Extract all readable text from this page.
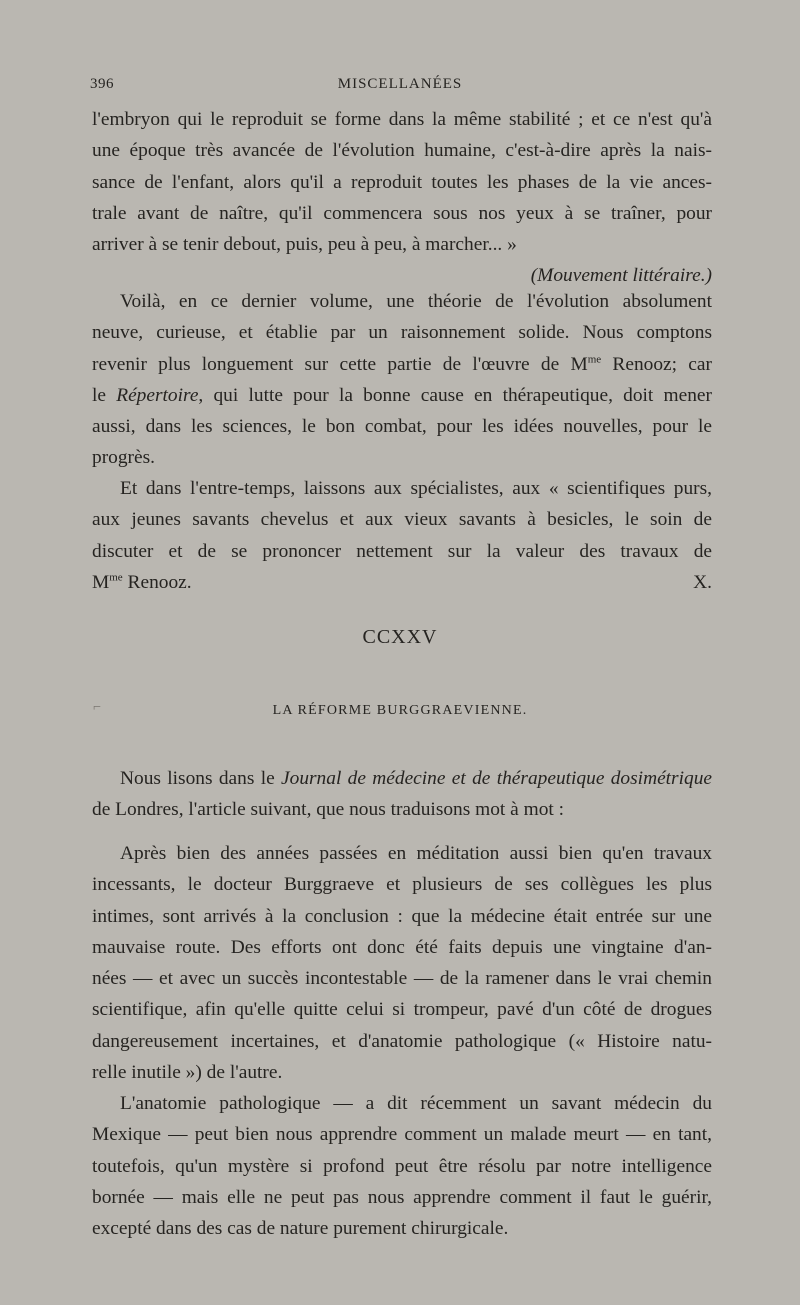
396	MISCELLANÉES
l'embryon qui le reproduit se forme dans la même stabilité ; et ce n'est qu'à
une époque très avancée de l'évolution humaine, c'est-à-dire après la nais-
sance de l'enfant, alors qu'il a reproduit toutes les phases de la vie ances-
trale avant de naître, qu'il commencera sous nos yeux à se traîner, pour
arriver à se tenir debout, puis, peu à peu, à marcher... »
(Mouvement littéraire.)
Voilà, en ce dernier volume, une théorie de l'évolution absolument
neuve, curieuse, et établie par un raisonnement solide. Nous comptons
revenir plus longuement sur cette partie de l'œuvre de $M^{me}$ Renooz; car
le Répertoire, qui lutte pour la bonne cause en thérapeutique, doit mener
aussi, dans les sciences, le bon combat, pour les idées nouvelles, pour le
progrès.
Et dans l'entre-temps, laissons aux spécialistes, aux « scientifiques purs,
aux jeunes savants chevelus et aux vieux savants à besicles, le soin de
discuter et de se prononcer nettement sur la valeur des travaux de
$M^{me}$ Renooz.	X.
CCXXV
⌐	LA RÉFORME BURGGRAEVIENNE.
Nous lisons dans le Journal de médecine et de thérapeutique dosimétrique
de Londres, l'article suivant, que nous traduisons mot à mot :
Après bien des années passées en méditation aussi bien qu'en travaux
incessants, le docteur Burggraeve et plusieurs de ses collègues les plus
intimes, sont arrivés à la conclusion : que la médecine était entrée sur une
mauvaise route. Des efforts ont donc été faits depuis une vingtaine d'an-
nées — et avec un succès incontestable — de la ramener dans le vrai chemin
scientifique, afin qu'elle quitte celui si trompeur, pavé d'un côté de drogues
dangereusement incertaines, et d'anatomie pathologique (« Histoire natu-
relle inutile ») de l'autre.
L'anatomie pathologique — a dit récemment un savant médecin du
Mexique — peut bien nous apprendre comment un malade meurt — en tant,
toutefois, qu'un mystère si profond peut être résolu par notre intelligence
bornée — mais elle ne peut pas nous apprendre comment il faut le guérir,
excepté dans des cas de nature purement chirurgicale.
